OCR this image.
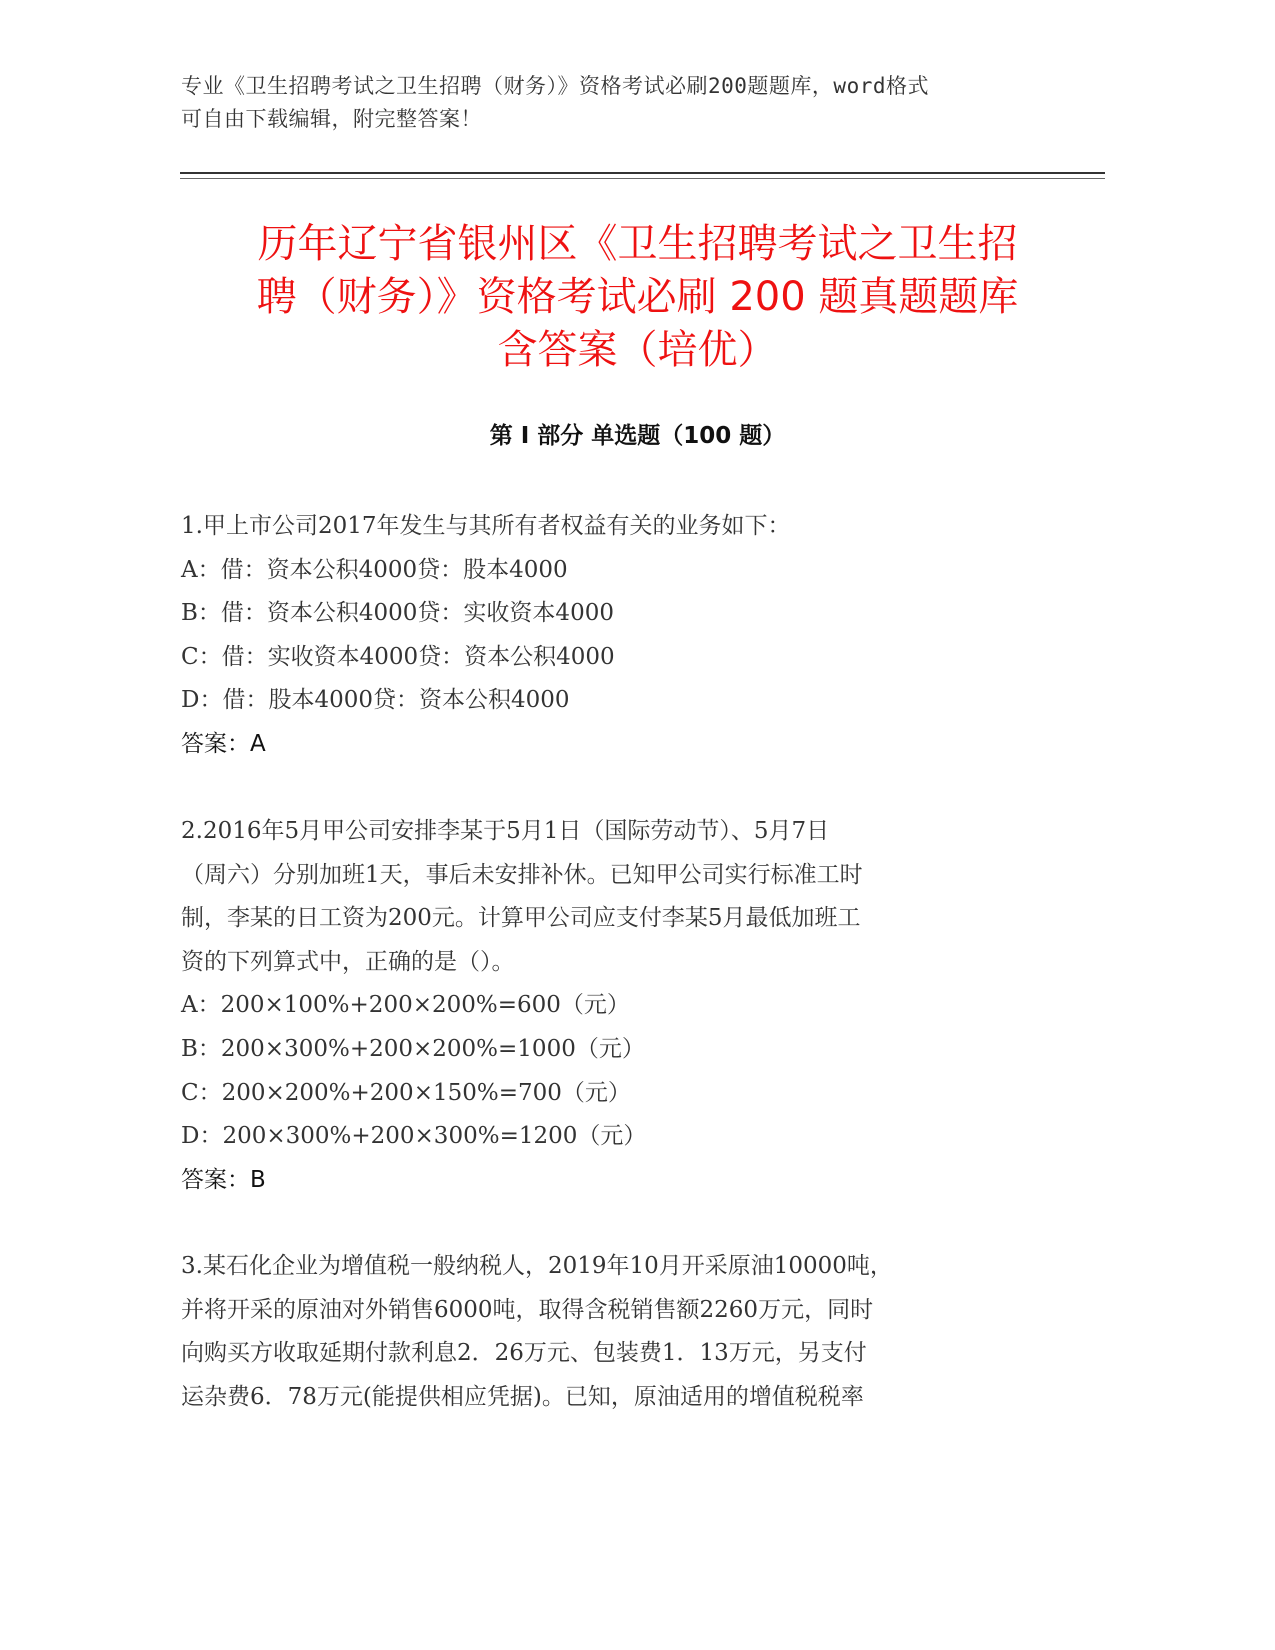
专业《卫生招聘考试之卫生招聘（财务）》资格考试必刷200题题库，word格式
可自由下载编辑，附完整答案！
历年辽宁省银州区《卫生招聘考试之卫生招
聘（财务）》资格考试必刷 200 题真题题库
含答案（培优）
第 I 部分 单选题（100 题）

1.甲上市公司2017年发生与其所有者权益有关的业务如下：

A：借：资本公积4000贷：股本4000

B：借：资本公积4000贷：实收资本4000

C：借：实收资本4000贷：资本公积4000

D：借：股本4000贷：资本公积4000

答案：A

2.2016年5月甲公司安排李某于5月1日（国际劳动节）、5月7日

（周六）分别加班1天，事后未安排补休。已知甲公司实行标准工时

制，李某的日工资为200元。计算甲公司应支付李某5月最低加班工

资的下列算式中，正确的是（）。

A：200×100%+200×200%=600（元）

B：200×300%+200×200%=1000（元）

C：200×200%+200×150%=700（元）

D：200×300%+200×300%=1200（元）

答案：B

3.某石化企业为增值税一般纳税人，2019年10月开采原油10000吨，

并将开采的原油对外销售6000吨，取得含税销售额2260万元，同时

向购买方收取延期付款利息2．26万元、包装费1．13万元，另支付

运杂费6．78万元(能提供相应凭据)。已知，原油适用的增值税税率
